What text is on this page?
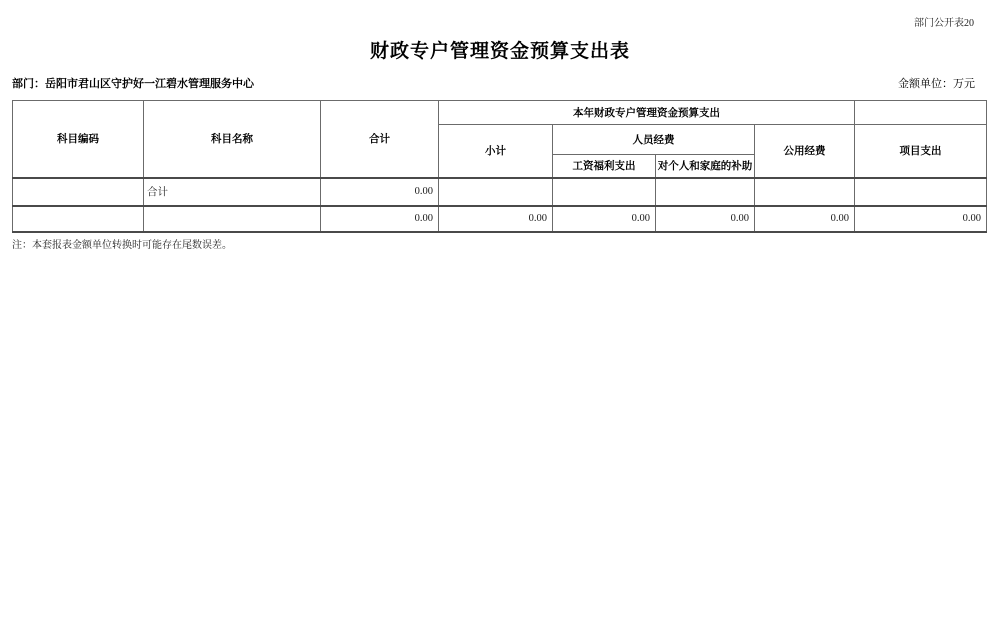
部门公开表20
财政专户管理资金预算支出表
部门：岳阳市君山区守护好一江碧水管理服务中心	金额单位：万元
科目编码	科目名称	合计	本年财政专户管理资金预算支出				
			小计	人员经费		公用经费	项目支出
				工资福利支出	对个人和家庭的补助		
	合计	0.00					
		0.00	0.00	0.00	0.00	0.00	0.00
注：本套报表金额单位转换时可能存在尾数误差。
